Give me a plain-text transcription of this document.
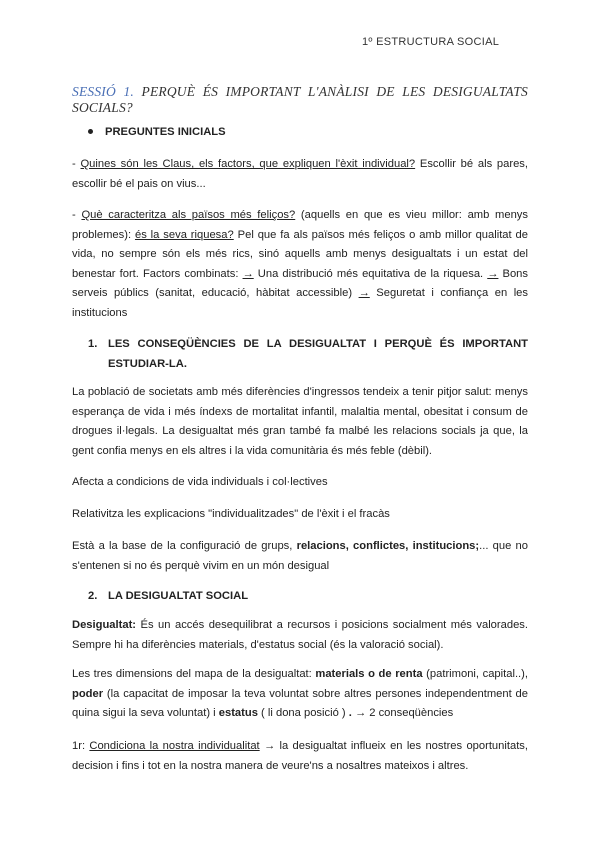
1º ESTRUCTURA SOCIAL
SESSIÓ 1. PERQUÈ ÉS IMPORTANT L'ANÀLISI DE LES DESIGUALTATS SOCIALS?
PREGUNTES INICIALS
- Quines són les Claus, els factors, que expliquen l'èxit individual? Escollir bé als pares, escollir bé el pais on vius...
- Què caracteritza als països més feliços? (aquells en que es vieu millor: amb menys problemes): és la seva riquesa? Pel que fa als països més feliços o amb millor qualitat de vida, no sempre són els més rics, sinó aquells amb menys desigualtats i un estat del benestar fort. Factors combinats: → Una distribució més equitativa de la riquesa. → Bons serveis públics (sanitat, educació, hàbitat accessible) → Seguretat i confiança en les institucions
1. LES CONSEQÜÈNCIES DE LA DESIGUALTAT I PERQUÈ ÉS IMPORTANT ESTUDIAR-LA.
La població de societats amb més diferències d'ingressos tendeix a tenir pitjor salut: menys esperança de vida i més índexs de mortalitat infantil, malaltia mental, obesitat i consum de drogues il·legals. La desigualtat més gran també fa malbé les relacions socials ja que, la gent confia menys en els altres i la vida comunitària és més feble (dèbil).
Afecta a condicions de vida individuals i col·lectives
Relativitza les explicacions "individualitzades" de l'èxit i el fracàs
Està a la base de la configuració de grups, relacions, conflictes, institucions;... que no s'entenen si no és perquè vivim en un món desigual
2. LA DESIGUALTAT SOCIAL
Desigualtat: És un accés desequilibrat a recursos i posicions socialment més valorades. Sempre hi ha diferències materials, d'estatus social (és la valoració social).
Les tres dimensions del mapa de la desigualtat: materials o de renta (patrimoni, capital..), poder (la capacitat de imposar la teva voluntat sobre altres persones independentment de quina sigui la seva voluntat) i estatus ( li dona posició ) . → 2 conseqüències
1r: Condiciona la nostra individualitat → la desigualtat influeix en les nostres oportunitats, decision i fins i tot en la nostra manera de veure'ns a nosaltres mateixos i altres.
